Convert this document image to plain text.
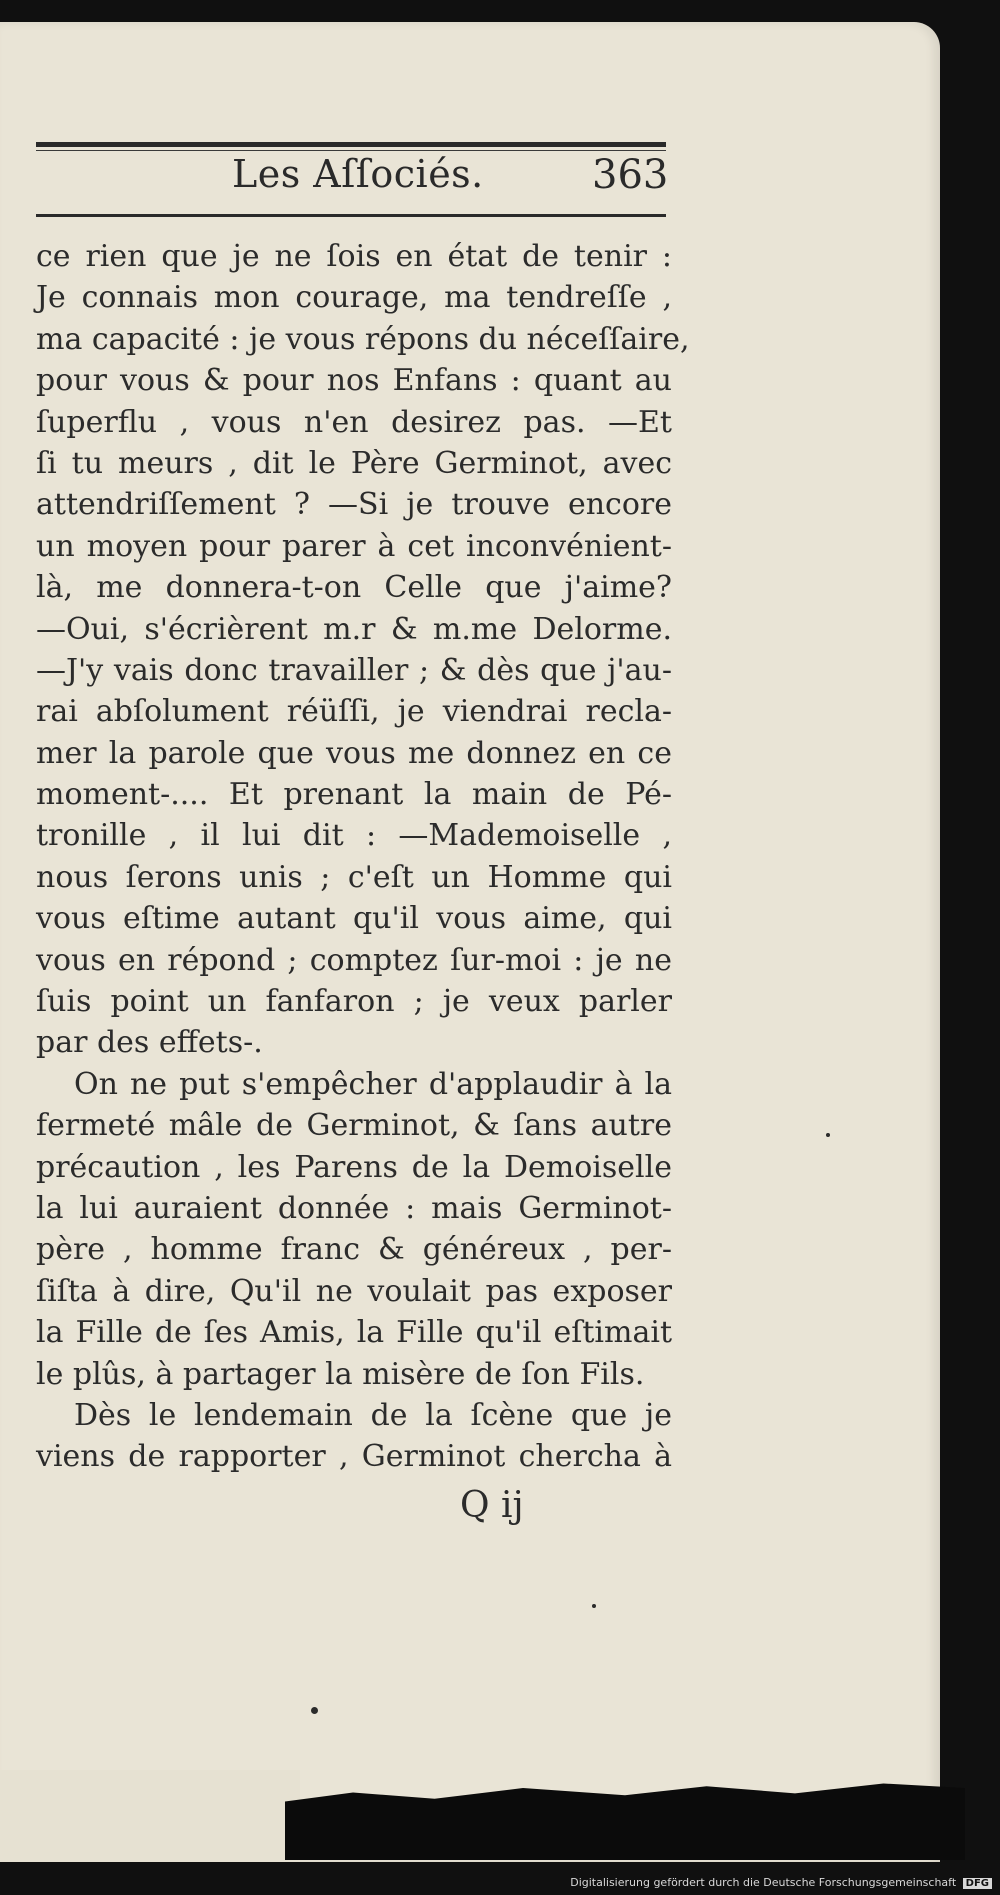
Les Aſſociés.	363
ce rien que je ne ſois en état de tenir :
Je connais mon courage, ma tendreſſe ,
ma capacité : je vous répons du néceſſaire,
pour vous & pour nos Enfans : quant au
ſuperflu , vous n'en desirez pas. —Et
ſi tu meurs , dit le Père Germinot, avec
attendriſſement ? —Si je trouve encore
un moyen pour parer à cet inconvénient-
là, me donnera-t-on Celle que j'aime?
—Oui, s'écrièrent m.r & m.me Delorme.
—J'y vais donc travailler ; & dès que j'au-
rai abſolument réüſſi, je viendrai recla-
mer la parole que vous me donnez en ce
moment-.... Et prenant la main de Pé-
tronille , il lui dit : —Mademoiselle ,
nous ſerons unis ; c'eſt un Homme qui
vous eſtime autant qu'il vous aime, qui
vous en répond ; comptez ſur-moi : je ne
ſuis point un fanfaron ; je veux parler
par des effets-.
On ne put s'empêcher d'applaudir à la
fermeté mâle de Germinot, & ſans autre
précaution , les Parens de la Demoiselle
la lui auraient donnée : mais Germinot-
père , homme franc & généreux , per-
ſiſta à dire, Qu'il ne voulait pas exposer
la Fille de ſes Amis, la Fille qu'il eſtimait
le plûs, à partager la misère de ſon Fils.
Dès le lendemain de la ſcène que je
viens de rapporter , Germinot chercha à
Q ij
Digitalisierung gefördert durch die Deutsche Forschungsgemeinschaft DFG
